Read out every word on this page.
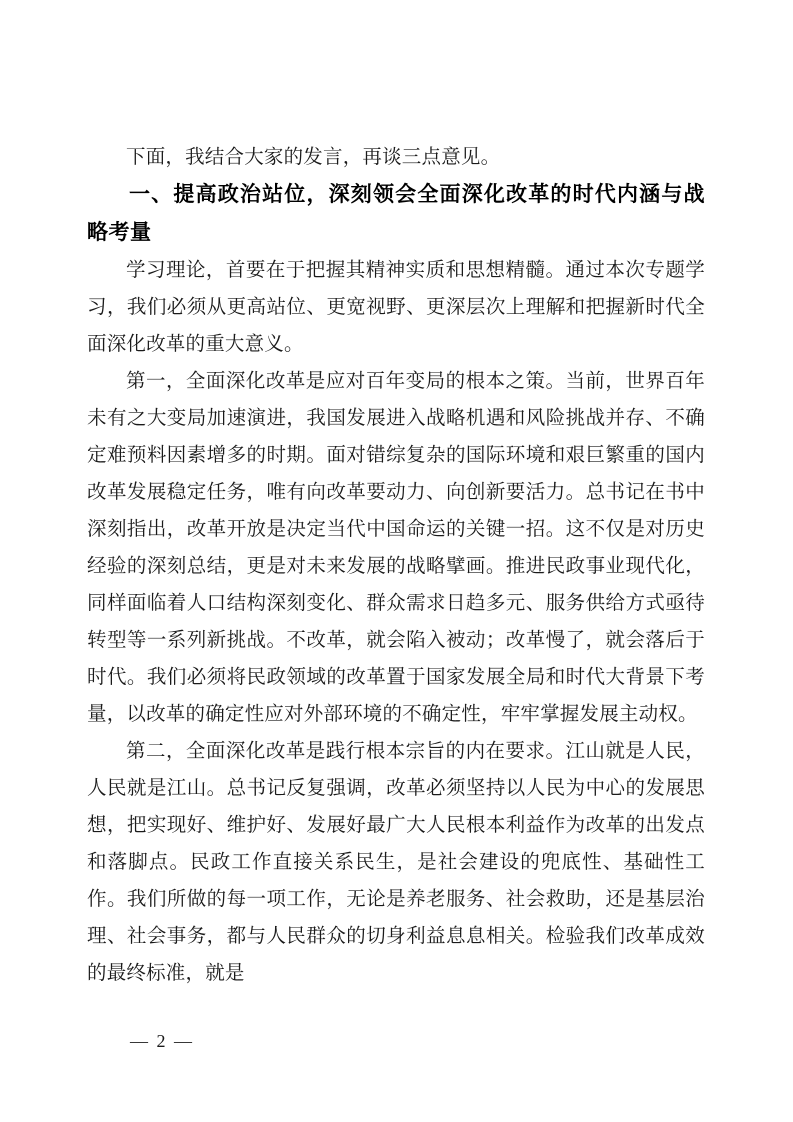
下面，我结合大家的发言，再谈三点意见。

一、提高政治站位，深刻领会全面深化改革的时代内涵与战略考量

学习理论，首要在于把握其精神实质和思想精髓。通过本次专题学习，我们必须从更高站位、更宽视野、更深层次上理解和把握新时代全面深化改革的重大意义。

第一，全面深化改革是应对百年变局的根本之策。当前，世界百年未有之大变局加速演进，我国发展进入战略机遇和风险挑战并存、不确定难预料因素增多的时期。面对错综复杂的国际环境和艰巨繁重的国内改革发展稳定任务，唯有向改革要动力、向创新要活力。总书记在书中深刻指出，改革开放是决定当代中国命运的关键一招。这不仅是对历史经验的深刻总结，更是对未来发展的战略擘画。推进民政事业现代化，同样面临着人口结构深刻变化、群众需求日趋多元、服务供给方式亟待转型等一系列新挑战。不改革，就会陷入被动；改革慢了，就会落后于时代。我们必须将民政领域的改革置于国家发展全局和时代大背景下考量，以改革的确定性应对外部环境的不确定性，牢牢掌握发展主动权。

第二，全面深化改革是践行根本宗旨的内在要求。江山就是人民，人民就是江山。总书记反复强调，改革必须坚持以人民为中心的发展思想，把实现好、维护好、发展好最广大人民根本利益作为改革的出发点和落脚点。民政工作直接关系民生，是社会建设的兜底性、基础性工作。我们所做的每一项工作，无论是养老服务、社会救助，还是基层治理、社会事务，都与人民群众的切身利益息息相关。检验我们改革成效的最终标准，就是

— 2 —
